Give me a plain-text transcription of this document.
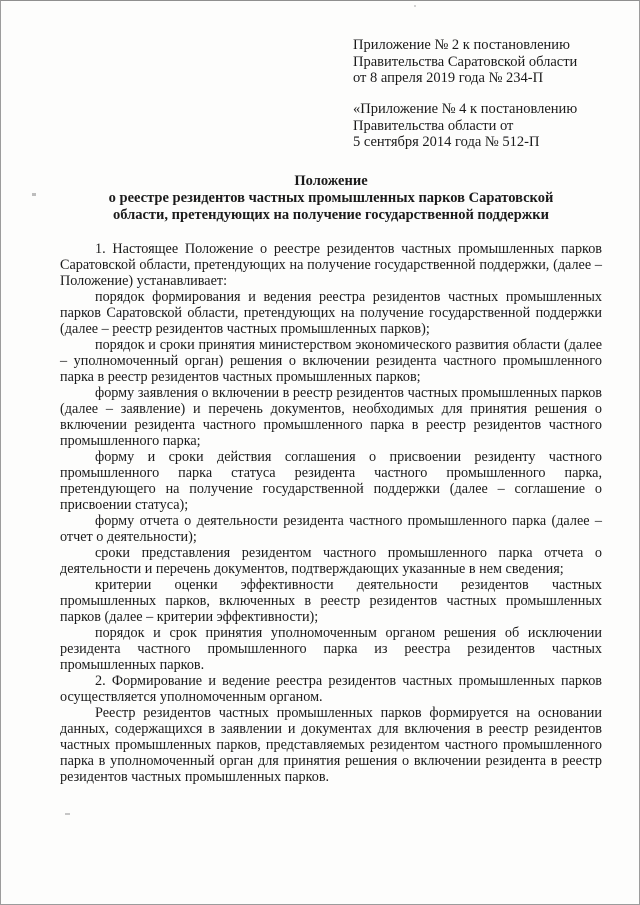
Приложение № 2 к постановлению
Правительства Саратовской области
от 8 апреля 2019 года № 234-П
«Приложение № 4 к постановлению
Правительства области от
5 сентября 2014 года № 512-П
Положение
о реестре резидентов частных промышленных парков Саратовской
области, претендующих на получение государственной поддержки

1. Настоящее Положение о реестре резидентов частных промышленных парков Саратовской области, претендующих на получение государственной поддержки, (далее – Положение) устанавливает:

порядок формирования и ведения реестра резидентов частных промышленных парков Саратовской области, претендующих на получение государственной поддержки (далее – реестр резидентов частных промышленных парков);

порядок и сроки принятия министерством экономического развития области (далее – уполномоченный орган) решения о включении резидента частного промышленного парка в реестр резидентов частных промышленных парков;

форму заявления о включении в реестр резидентов частных промышленных парков (далее – заявление) и перечень документов, необходимых для принятия решения о включении резидента частного промышленного парка в реестр резидентов частного промышленного парка;

форму и сроки действия соглашения о присвоении резиденту частного промышленного парка статуса резидента частного промышленного парка, претендующего на получение государственной поддержки (далее – соглашение о присвоении статуса);

форму отчета о деятельности резидента частного промышленного парка (далее – отчет о деятельности);

сроки представления резидентом частного промышленного парка отчета о деятельности и перечень документов, подтверждающих указанные в нем сведения;

критерии оценки эффективности деятельности резидентов частных промышленных парков, включенных в реестр резидентов частных промышленных парков (далее – критерии эффективности);

порядок и срок принятия уполномоченным органом решения об исключении резидента частного промышленного парка из реестра резидентов частных промышленных парков.

2. Формирование и ведение реестра резидентов частных промышленных парков осуществляется уполномоченным органом.

Реестр резидентов частных промышленных парков формируется на основании данных, содержащихся в заявлении и документах для включения в реестр резидентов частных промышленных парков, представляемых резидентом частного промышленного парка в уполномоченный орган для принятия решения о включении резидента в реестр резидентов частных промышленных парков.
